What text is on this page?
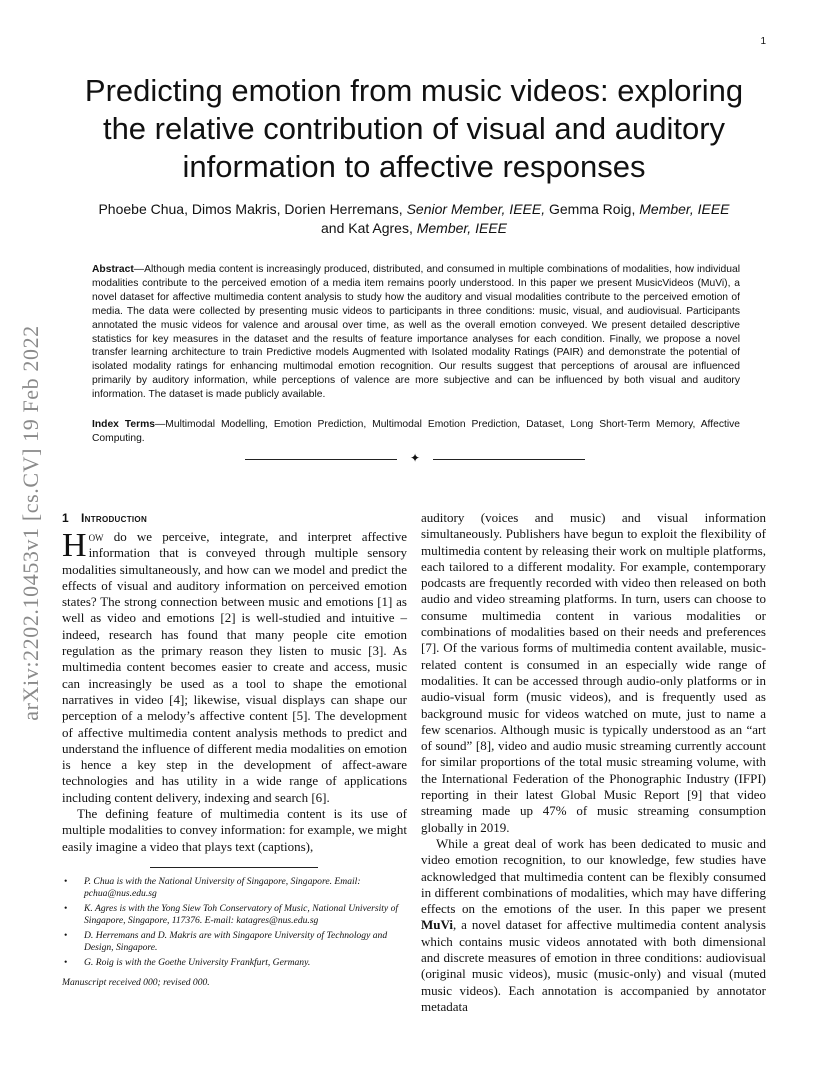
1
arXiv:2202.10453v1 [cs.CV] 19 Feb 2022
Predicting emotion from music videos: exploring the relative contribution of visual and auditory information to affective responses
Phoebe Chua, Dimos Makris, Dorien Herremans, Senior Member, IEEE, Gemma Roig, Member, IEEE
and Kat Agres, Member, IEEE

Abstract—Although media content is increasingly produced, distributed, and consumed in multiple combinations of modalities, how individual modalities contribute to the perceived emotion of a media item remains poorly understood. In this paper we present MusicVideos (MuVi), a novel dataset for affective multimedia content analysis to study how the auditory and visual modalities contribute to the perceived emotion of media. The data were collected by presenting music videos to participants in three conditions: music, visual, and audiovisual. Participants annotated the music videos for valence and arousal over time, as well as the overall emotion conveyed. We present detailed descriptive statistics for key measures in the dataset and the results of feature importance analyses for each condition. Finally, we propose a novel transfer learning architecture to train Predictive models Augmented with Isolated modality Ratings (PAIR) and demonstrate the potential of isolated modality ratings for enhancing multimodal emotion recognition. Our results suggest that perceptions of arousal are influenced primarily by auditory information, while perceptions of valence are more subjective and can be influenced by both visual and auditory information. The dataset is made publicly available.

Index Terms—Multimodal Modelling, Emotion Prediction, Multimodal Emotion Prediction, Dataset, Long Short-Term Memory, Affective Computing.

✦
1 Introduction

How do we perceive, integrate, and interpret affective information that is conveyed through multiple sensory modalities simultaneously, and how can we model and predict the effects of visual and auditory information on perceived emotion states? The strong connection between music and emotions [1] as well as video and emotions [2] is well-studied and intuitive – indeed, research has found that many people cite emotion regulation as the primary reason they listen to music [3]. As multimedia content becomes easier to create and access, music can increasingly be used as a tool to shape the emotional narratives in video [4]; likewise, visual displays can shape our perception of a melody’s affective content [5]. The development of affective multimedia content analysis methods to predict and understand the influence of different media modalities on emotion is hence a key step in the development of affect-aware technologies and has utility in a wide range of applications including content delivery, indexing and search [6].

The defining feature of multimedia content is its use of multiple modalities to convey information: for example, we might easily imagine a video that plays text (captions),

• P. Chua is with the National University of Singapore, Singapore. Email: pchua@nus.edu.sg
• K. Agres is with the Yong Siew Toh Conservatory of Music, National University of Singapore, Singapore, 117376. E-mail: katagres@nus.edu.sg
• D. Herremans and D. Makris are with Singapore University of Technology and Design, Singapore.
• G. Roig is with the Goethe University Frankfurt, Germany.
Manuscript received 000; revised 000.

auditory (voices and music) and visual information simultaneously. Publishers have begun to exploit the flexibility of multimedia content by releasing their work on multiple platforms, each tailored to a different modality. For example, contemporary podcasts are frequently recorded with video then released on both audio and video streaming platforms. In turn, users can choose to consume multimedia content in various modalities or combinations of modalities based on their needs and preferences [7]. Of the various forms of multimedia content available, music-related content is consumed in an especially wide range of modalities. It can be accessed through audio-only platforms or in audio-visual form (music videos), and is frequently used as background music for videos watched on mute, just to name a few scenarios. Although music is typically understood as an “art of sound” [8], video and audio music streaming currently account for similar proportions of the total music streaming volume, with the International Federation of the Phonographic Industry (IFPI) reporting in their latest Global Music Report [9] that video streaming made up 47% of music streaming consumption globally in 2019.

While a great deal of work has been dedicated to music and video emotion recognition, to our knowledge, few studies have acknowledged that multimedia content can be flexibly consumed in different combinations of modalities, which may have differing effects on the emotions of the user. In this paper we present MuVi, a novel dataset for affective multimedia content analysis which contains music videos annotated with both dimensional and discrete measures of emotion in three conditions: audiovisual (original music videos), music (music-only) and visual (muted music videos). Each annotation is accompanied by annotator metadata
